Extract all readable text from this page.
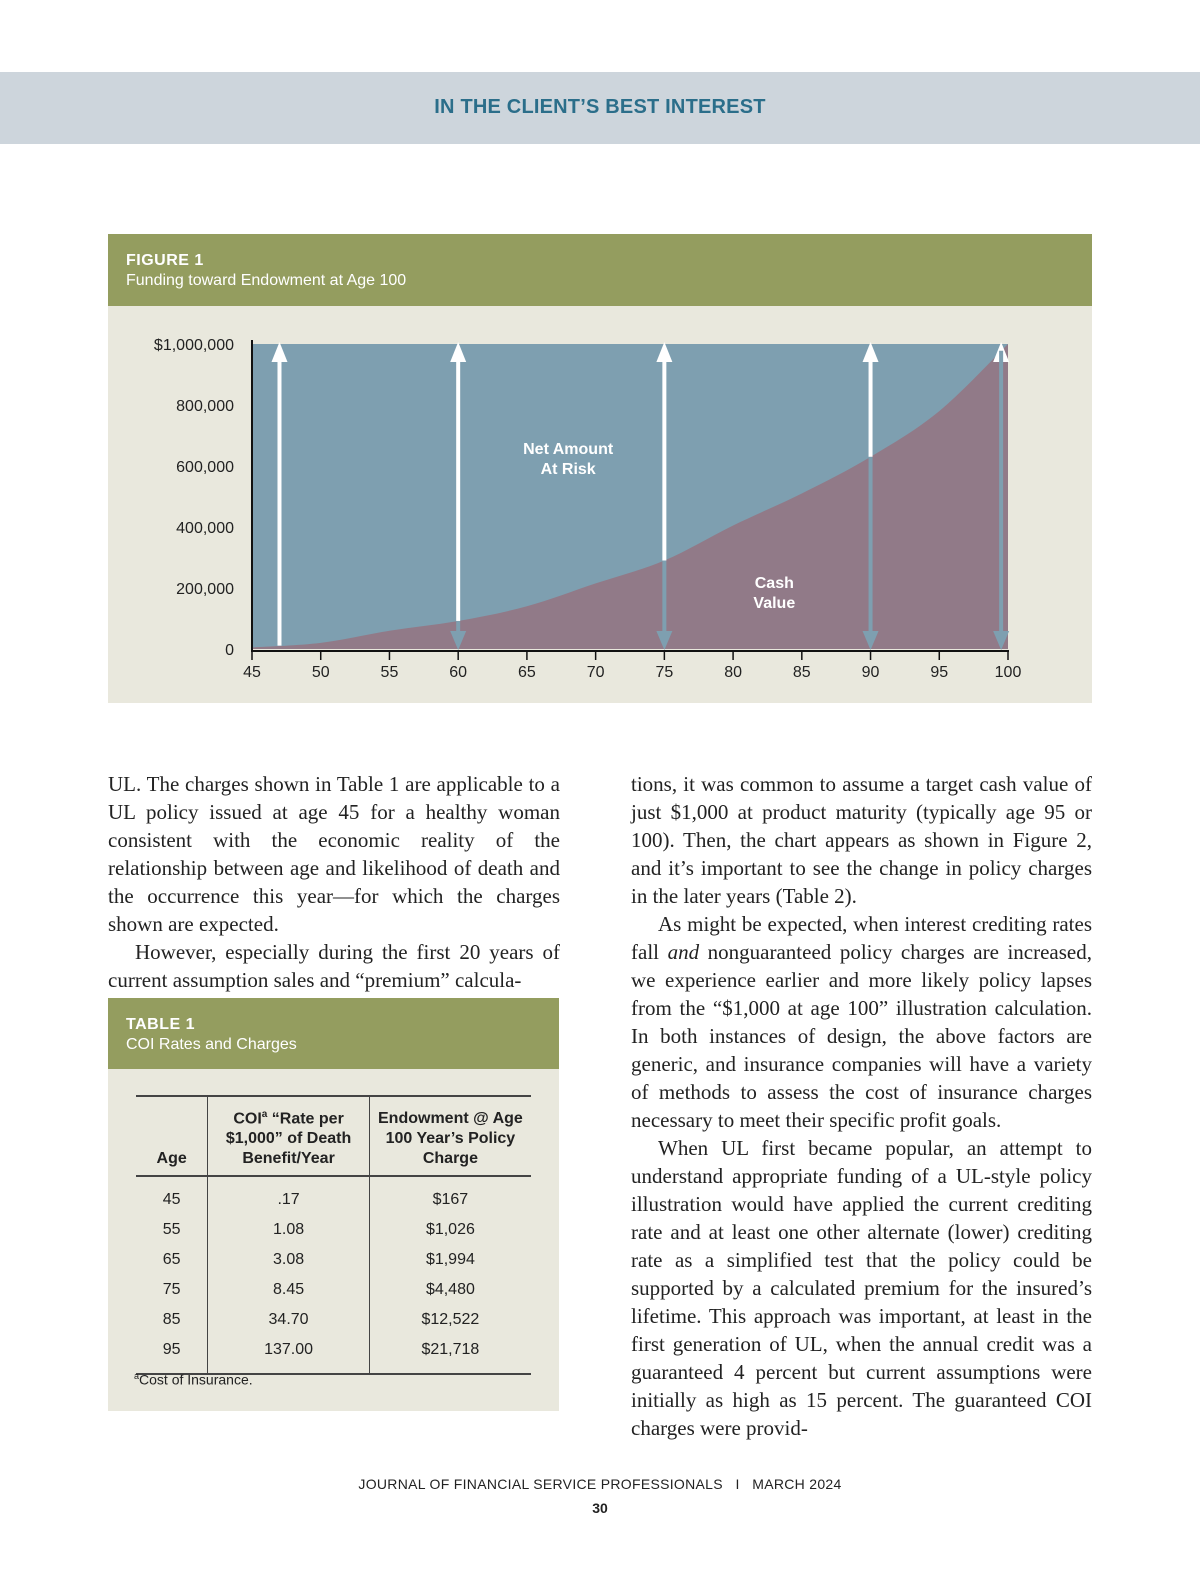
IN THE CLIENT’S BEST INTEREST
FIGURE 1
Funding toward Endowment at Age 100
45	50	55	60	65	70	75	80	85	90	95	100
0
200,000
400,000
600,000
800,000
$1,000,000
Net Amount
At Risk
Cash
Value

UL. The charges shown in Table 1 are applicable to a UL policy issued at age 45 for a healthy woman consistent with the economic reality of the relationship between age and likelihood of death and the occurrence this year—for which the charges shown are expected.

However, especially during the first 20 years of current assumption sales and “premium” calcula-

TABLE 1
COI Rates and Charges
Age	COI$^a$ “Rate per $1,000” of Death Benefit/Year	Endowment @ Age 100 Year’s Policy Charge
45	.17	$167
55	1.08	$1,026
65	3.08	$1,994
75	8.45	$4,480
85	34.70	$12,522
95	137.00	$21,718
$^a$Cost of Insurance.

tions, it was common to assume a target cash value of just $1,000 at product maturity (typically age 95 or 100). Then, the chart appears as shown in Figure 2, and it’s important to see the change in policy charges in the later years (Table 2).

As might be expected, when interest crediting rates fall and nonguaranteed policy charges are increased, we experience earlier and more likely policy lapses from the “$1,000 at age 100” illustration calculation. In both instances of design, the above factors are generic, and insurance companies will have a variety of methods to assess the cost of insurance charges necessary to meet their specific profit goals.

When UL first became popular, an attempt to understand appropriate funding of a UL-style policy illustration would have applied the current crediting rate and at least one other alternate (lower) crediting rate as a simplified test that the policy could be supported by a calculated premium for the insured’s lifetime. This approach was important, at least in the first generation of UL, when the annual credit was a guaranteed 4 percent but current assumptions were initially as high as 15 percent. The guaranteed COI charges were provid-

JOURNAL OF FINANCIAL SERVICE PROFESSIONALS   I   MARCH 2024
30
